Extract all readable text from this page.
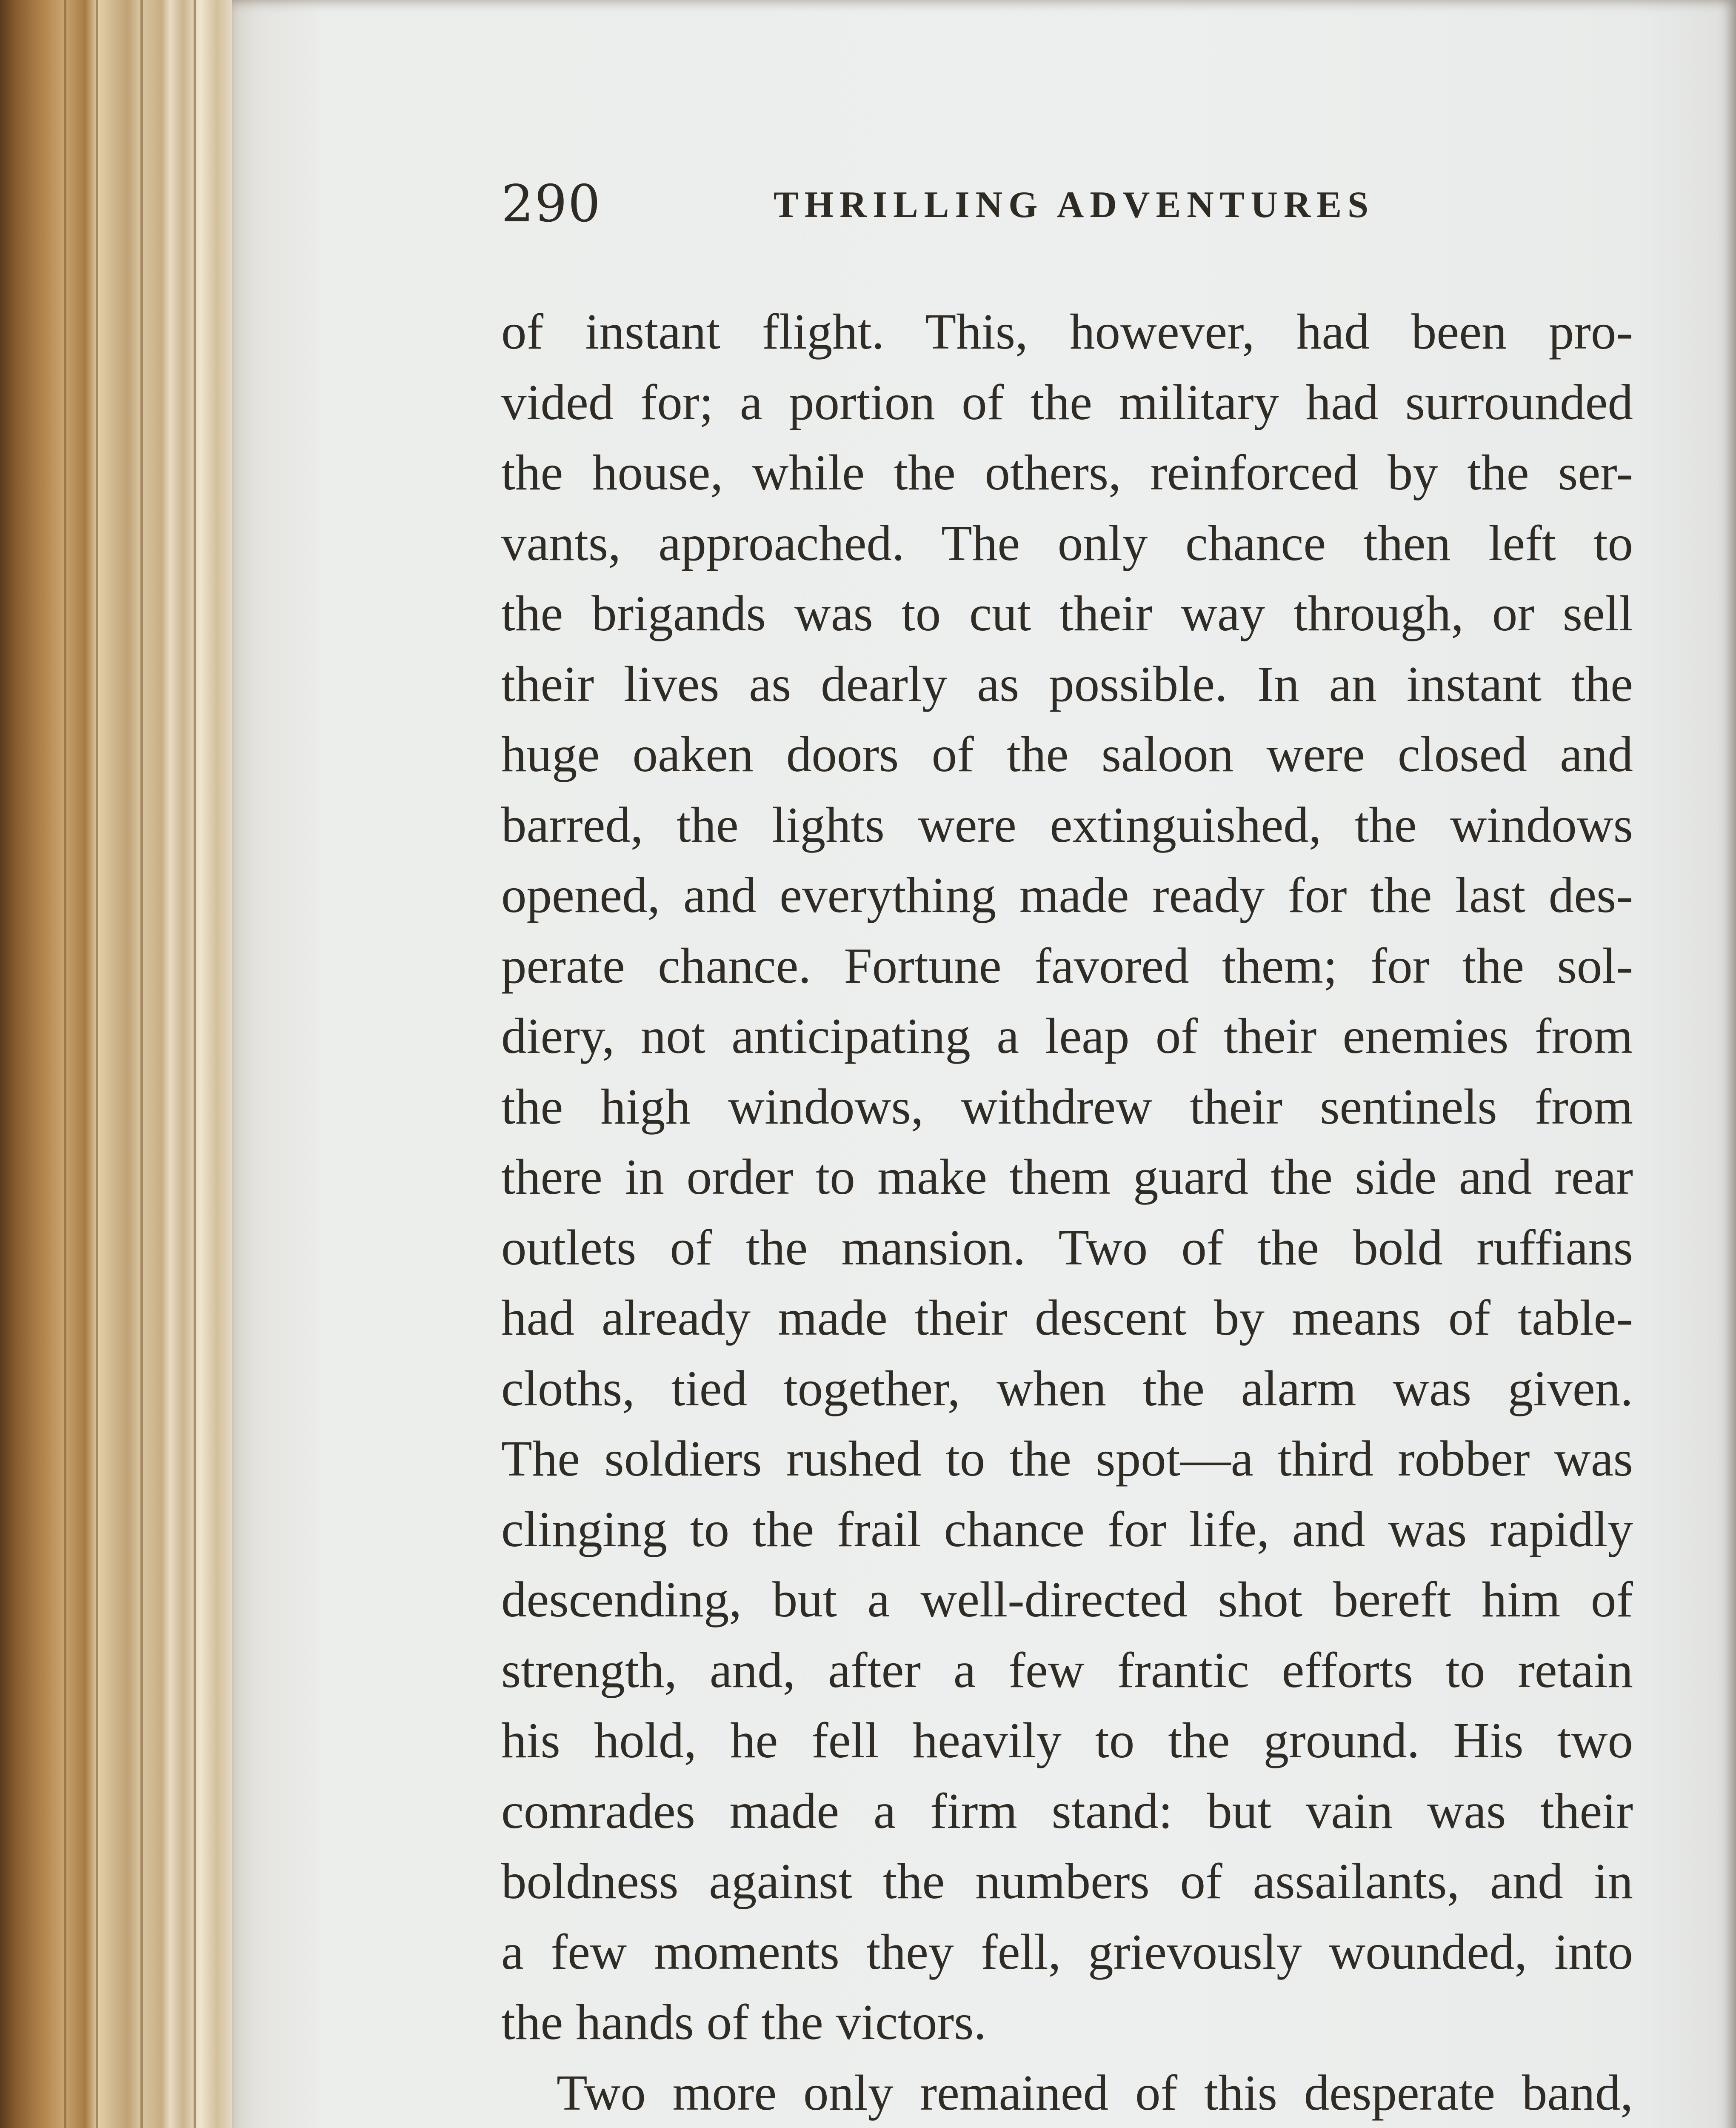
290	THRILLING ADVENTURES
of instant flight. This, however, had been pro-
vided for; a portion of the military had surrounded
the house, while the others, reinforced by the ser-
vants, approached. The only chance then left to
the brigands was to cut their way through, or sell
their lives as dearly as possible. In an instant the
huge oaken doors of the saloon were closed and
barred, the lights were extinguished, the windows
opened, and everything made ready for the last des-
perate chance. Fortune favored them; for the sol-
diery, not anticipating a leap of their enemies from
the high windows, withdrew their sentinels from
there in order to make them guard the side and rear
outlets of the mansion. Two of the bold ruffians
had already made their descent by means of table-
cloths, tied together, when the alarm was given.
The soldiers rushed to the spot—a third robber was
clinging to the frail chance for life, and was rapidly
descending, but a well-directed shot bereft him of
strength, and, after a few frantic efforts to retain
his hold, he fell heavily to the ground. His two
comrades made a firm stand: but vain was their
boldness against the numbers of assailants, and in
a few moments they fell, grievously wounded, into
the hands of the victors.
Two more only remained of this desperate band,
